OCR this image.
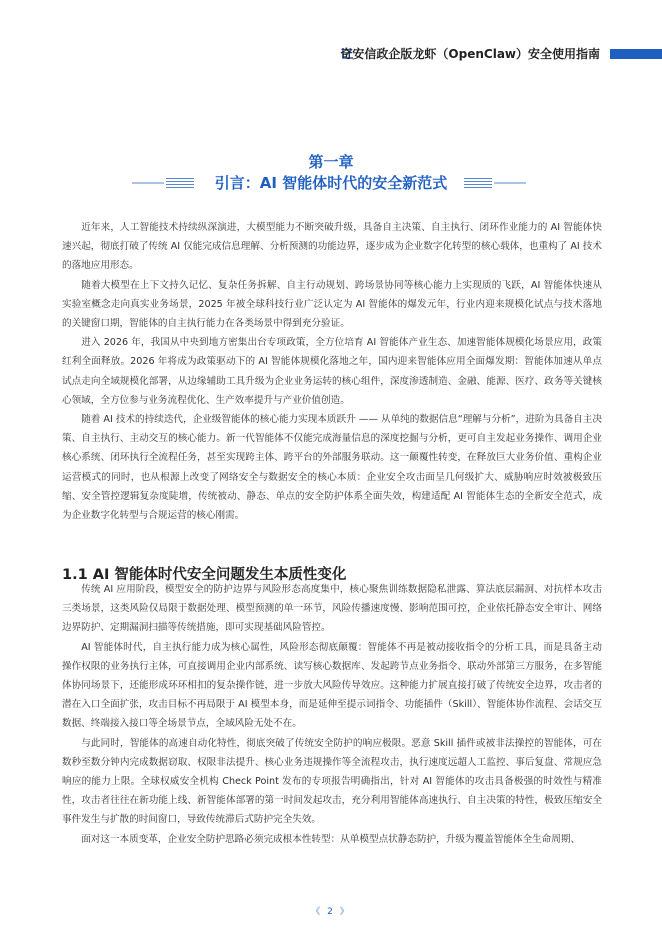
奇安信政企版龙虾（OpenClaw）安全使用指南
第一章
引言：AI 智能体时代的安全新范式

近年来，人工智能技术持续纵深演进，大模型能力不断突破升级，具备自主决策、自主执行、闭环作业能力的 AI 智能体快速兴起，彻底打破了传统 AI 仅能完成信息理解、分析预测的功能边界，逐步成为企业数字化转型的核心载体，也重构了 AI 技术的落地应用形态。

随着大模型在上下文持久记忆、复杂任务拆解、自主行动规划、跨场景协同等核心能力上实现质的飞跃，AI 智能体快速从实验室概念走向真实业务场景，2025 年被全球科技行业广泛认定为 AI 智能体的爆发元年，行业内迎来规模化试点与技术落地的关键窗口期，智能体的自主执行能力在各类场景中得到充分验证。

进入 2026 年，我国从中央到地方密集出台专项政策，全方位培育 AI 智能体产业生态、加速智能体规模化场景应用，政策红利全面释放。2026 年将成为政策驱动下的 AI 智能体规模化落地之年，国内迎来智能体应用全面爆发期：智能体加速从单点试点走向全域规模化部署，从边缘辅助工具升级为企业业务运转的核心组件，深度渗透制造、金融、能源、医疗、政务等关键核心领域，全方位参与业务流程优化、生产效率提升与产业价值创造。

随着 AI 技术的持续迭代，企业级智能体的核心能力实现本质跃升 —— 从单纯的数据信息“理解与分析”，进阶为具备自主决策、自主执行、主动交互的核心能力。新一代智能体不仅能完成海量信息的深度挖掘与分析，更可自主发起业务操作、调用企业核心系统、闭环执行全流程任务，甚至实现跨主体、跨平台的外部服务联动。这一颠覆性转变，在释放巨大业务价值、重构企业运营模式的同时，也从根源上改变了网络安全与数据安全的核心本质：企业安全攻击面呈几何级扩大、威胁响应时效被极致压缩、安全管控逻辑复杂度陡增，传统被动、静态、单点的安全防护体系全面失效，构建适配 AI 智能体生态的全新安全范式，成为企业数字化转型与合规运营的核心刚需。

1.1 AI 智能体时代安全问题发生本质性变化

传统 AI 应用阶段，模型安全的防护边界与风险形态高度集中，核心聚焦训练数据隐私泄露、算法底层漏洞、对抗样本攻击三类场景，这类风险仅局限于数据处理、模型预测的单一环节，风险传播速度慢、影响范围可控，企业依托静态安全审计、网络边界防护、定期漏洞扫描等传统措施，即可实现基础风险管控。

AI 智能体时代，自主执行能力成为核心属性，风险形态彻底颠覆：智能体不再是被动接收指令的分析工具，而是具备主动操作权限的业务执行主体，可直接调用企业内部系统、读写核心数据库、发起跨节点业务指令、联动外部第三方服务，在多智能体协同场景下，还能形成环环相扣的复杂操作链，进一步放大风险传导效应。这种能力扩展直接打破了传统安全边界，攻击者的潜在入口全面扩张，攻击目标不再局限于 AI 模型本身，而是延伸至提示词指令、功能插件（Skill）、智能体协作流程、会话交互数据、终端接入接口等全场景节点，全域风险无处不在。

与此同时，智能体的高速自动化特性，彻底突破了传统安全防护的响应极限。恶意 Skill 插件或被非法操控的智能体，可在数秒至数分钟内完成数据窃取、权限非法提升、核心业务违规操作等全流程攻击，执行速度远超人工监控、事后复盘、常规应急响应的能力上限。全球权威安全机构 Check Point 发布的专项报告明确指出，针对 AI 智能体的攻击具备极强的时效性与精准性，攻击者往往在新功能上线、新智能体部署的第一时间发起攻击，充分利用智能体高速执行、自主决策的特性，极致压缩安全事件发生与扩散的时间窗口，导致传统滞后式防护完全失效。

面对这一本质变革，企业安全防护思路必须完成根本性转型：从单模型点状静态防护，升级为覆盖智能体全生命周期、

《 2 》
